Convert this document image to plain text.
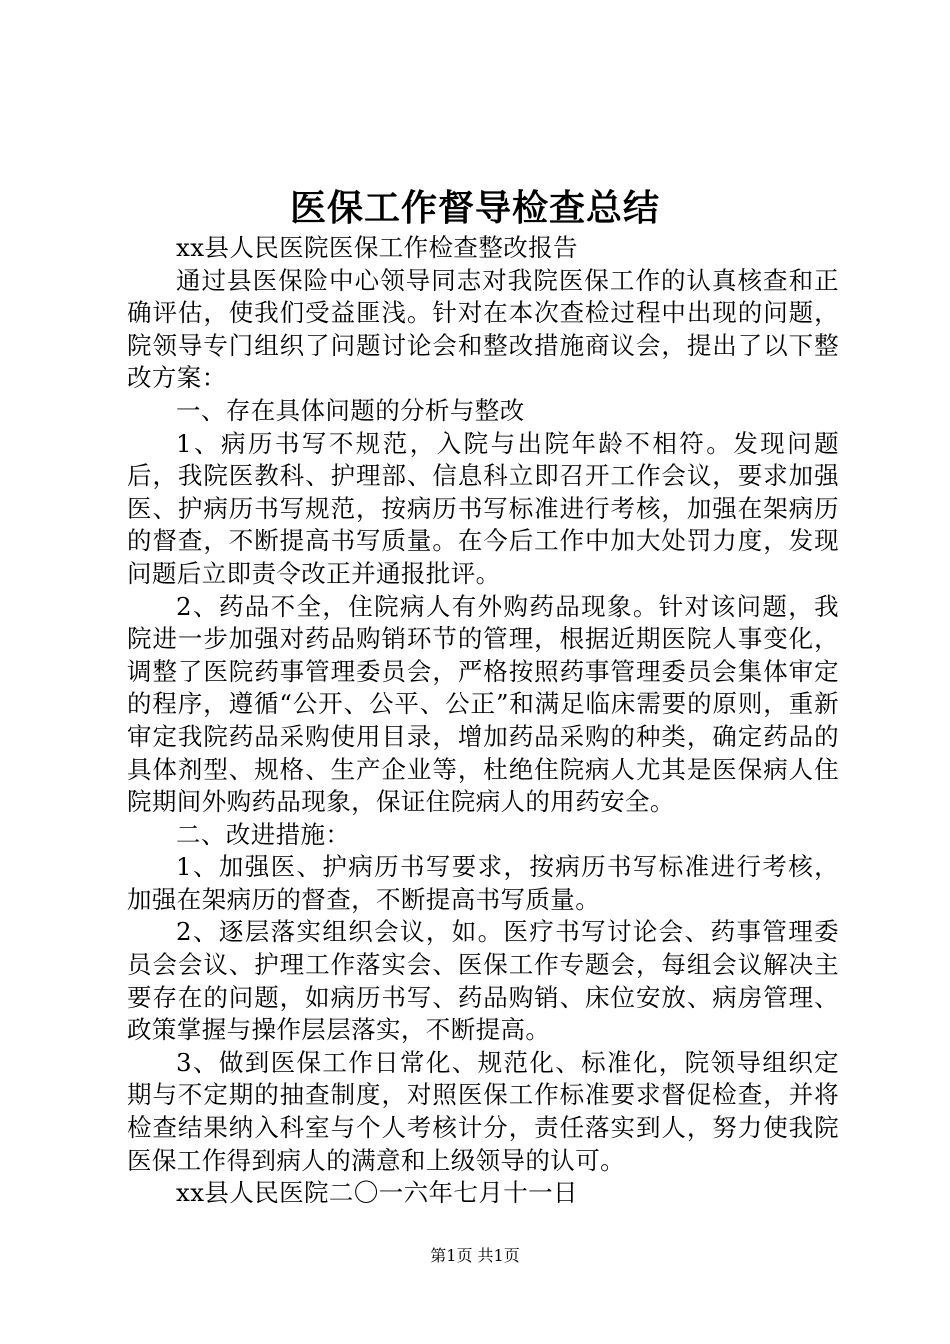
医保工作督导检查总结

xx县人民医院医保工作检查整改报告

通过县医保险中心领导同志对我院医保工作的认真核查和正确评估，使我们受益匪浅。针对在本次查检过程中出现的问题，院领导专门组织了问题讨论会和整改措施商议会，提出了以下整改方案：

一、存在具体问题的分析与整改

1、病历书写不规范，入院与出院年龄不相符。发现问题后，我院医教科、护理部、信息科立即召开工作会议，要求加强医、护病历书写规范，按病历书写标准进行考核，加强在架病历的督查，不断提高书写质量。在今后工作中加大处罚力度，发现问题后立即责令改正并通报批评。

2、药品不全，住院病人有外购药品现象。针对该问题，我院进一步加强对药品购销环节的管理，根据近期医院人事变化，调整了医院药事管理委员会，严格按照药事管理委员会集体审定的程序，遵循“公开、公平、公正”和满足临床需要的原则，重新审定我院药品采购使用目录，增加药品采购的种类，确定药品的具体剂型、规格、生产企业等，杜绝住院病人尤其是医保病人住院期间外购药品现象，保证住院病人的用药安全。

二、改进措施：

1、加强医、护病历书写要求，按病历书写标准进行考核，加强在架病历的督查，不断提高书写质量。

2、逐层落实组织会议，如。医疗书写讨论会、药事管理委员会会议、护理工作落实会、医保工作专题会，每组会议解决主要存在的问题，如病历书写、药品购销、床位安放、病房管理、政策掌握与操作层层落实，不断提高。

3、做到医保工作日常化、规范化、标准化，院领导组织定期与不定期的抽查制度，对照医保工作标准要求督促检查，并将检查结果纳入科室与个人考核计分，责任落实到人，努力使我院医保工作得到病人的满意和上级领导的认可。

xx县人民医院二〇一六年七月十一日

第1页 共1页
